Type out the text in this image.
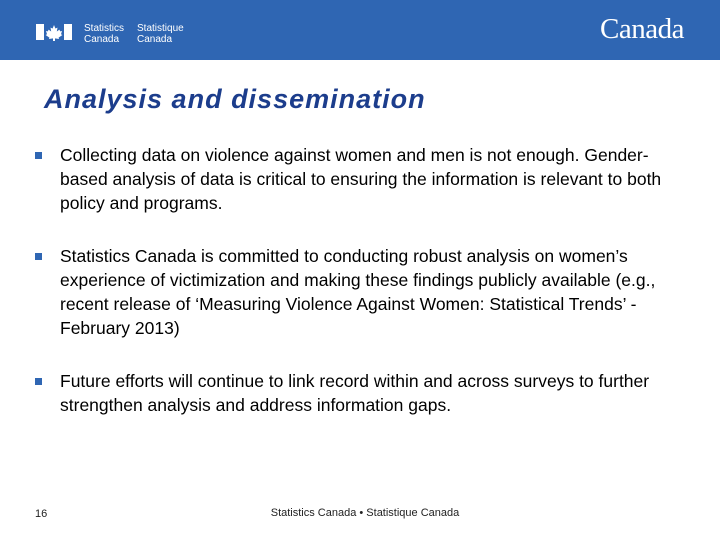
Statistics
Canada
Statistique
Canada	Canada
Analysis and dissemination
Collecting data on violence against women and men is not enough. Gender-based analysis of data is critical to ensuring the information is relevant to both policy and programs.
Statistics Canada is committed to conducting robust analysis on women’s experience of victimization and making these findings publicly available (e.g., recent release of ‘Measuring Violence Against Women: Statistical Trends’ - February 2013)
Future efforts will continue to link record within and across surveys to further strengthen analysis and address information gaps.
16	Statistics Canada • Statistique Canada
